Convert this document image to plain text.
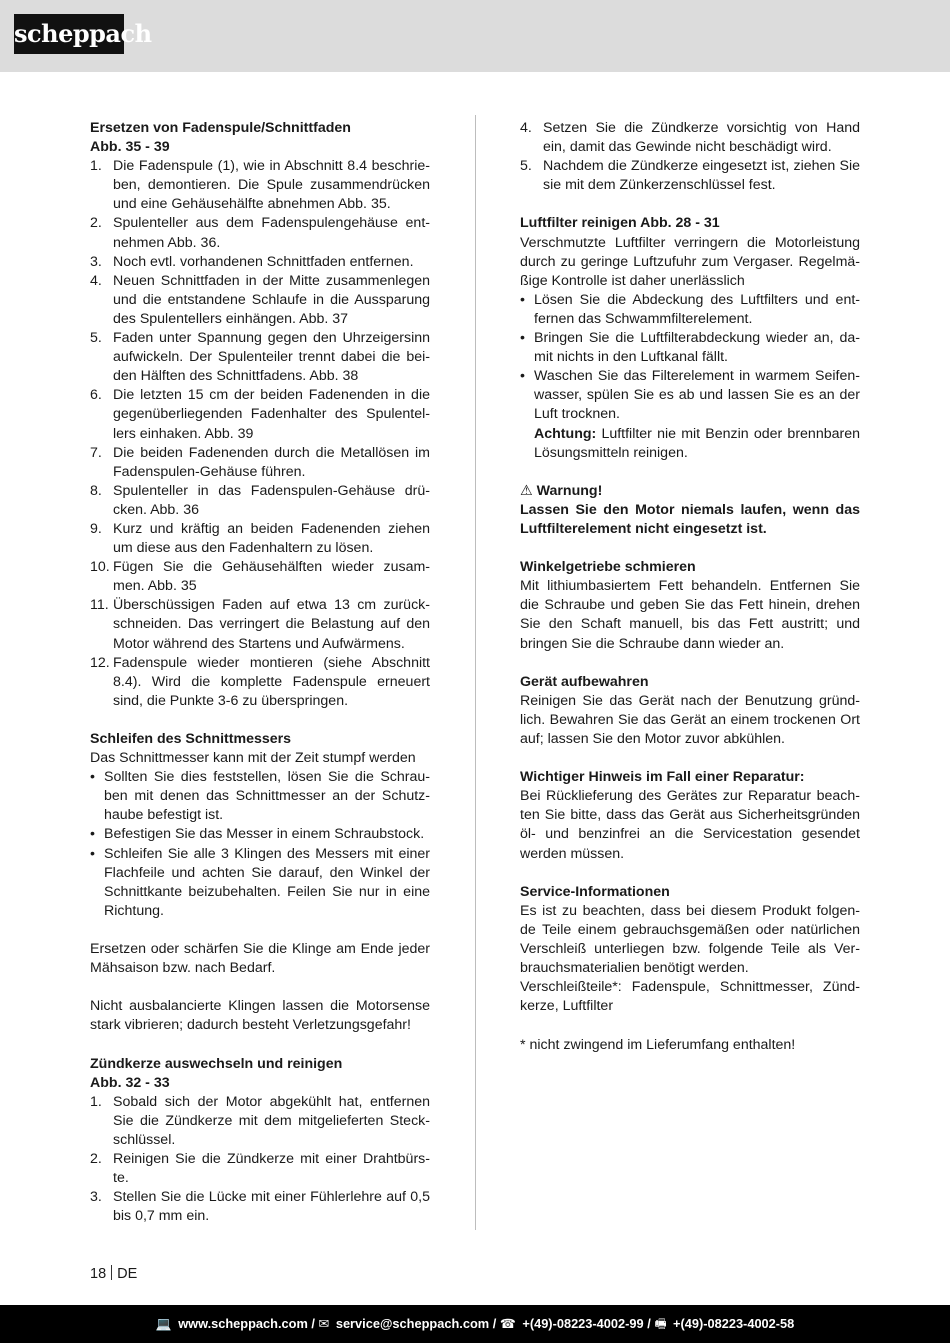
scheppach
Ersetzen von Fadenspule/Schnittfaden
Abb. 35 - 39
1. Die Fadenspule (1), wie in Abschnitt 8.4 beschrie-ben, demontieren. Die Spule zusammendrücken und eine Gehäusehälfte abnehmen Abb. 35.
2. Spulenteller aus dem Fadenspulengehäuse ent-nehmen Abb. 36.
3. Noch evtl. vorhandenen Schnittfaden entfernen.
4. Neuen Schnittfaden in der Mitte zusammenlegen und die entstandene Schlaufe in die Aussparung des Spulentellers einhängen. Abb. 37
5. Faden unter Spannung gegen den Uhrzeigersinn aufwickeln. Der Spulenteiler trennt dabei die bei-den Hälften des Schnittfadens. Abb. 38
6. Die letzten 15 cm der beiden Fadenenden in die gegenüberliegenden Fadenhalter des Spulentel-lers einhaken. Abb. 39
7. Die beiden Fadenenden durch die Metallösen im Fadenspulen-Gehäuse führen.
8. Spulenteller in das Fadenspulen-Gehäuse drü-cken. Abb. 36
9. Kurz und kräftig an beiden Fadenenden ziehen um diese aus den Fadenhaltern zu lösen.
10. Fügen Sie die Gehäusehälften wieder zusam-men. Abb. 35
11. Überschüssigen Faden auf etwa 13 cm zurück-schneiden. Das verringert die Belastung auf den Motor während des Startens und Aufwärmens.
12. Fadenspule wieder montieren (siehe Abschnitt 8.4). Wird die komplette Fadenspule erneuert sind, die Punkte 3-6 zu überspringen.
Schleifen des Schnittmessers
Das Schnittmesser kann mit der Zeit stumpf werden
• Sollten Sie dies feststellen, lösen Sie die Schrau-ben mit denen das Schnittmesser an der Schutz-haube befestigt ist.
• Befestigen Sie das Messer in einem Schraubstock.
• Schleifen Sie alle 3 Klingen des Messers mit einer Flachfeile und achten Sie darauf, den Winkel der Schnittkante beizubehalten. Feilen Sie nur in eine Richtung.
Ersetzen oder schärfen Sie die Klinge am Ende jeder Mähsaison bzw. nach Bedarf.
Nicht ausbalancierte Klingen lassen die Motorsense stark vibrieren; dadurch besteht Verletzungsgefahr!
Zündkerze auswechseln und reinigen
Abb. 32 - 33
1. Sobald sich der Motor abgekühlt hat, entfernen Sie die Zündkerze mit dem mitgelieferten Steck-schlüssel.
2. Reinigen Sie die Zündkerze mit einer Drahtbürs-te.
3. Stellen Sie die Lücke mit einer Fühlerlehre auf 0,5 bis 0,7 mm ein.
4. Setzen Sie die Zündkerze vorsichtig von Hand ein, damit das Gewinde nicht beschädigt wird.
5. Nachdem die Zündkerze eingesetzt ist, ziehen Sie sie mit dem Zünkerzenschlüssel fest.
Luftfilter reinigen Abb. 28 - 31
Verschmutzte Luftfilter verringern die Motorleistung durch zu geringe Luftzufuhr zum Vergaser. Regelmä-ßige Kontrolle ist daher unerlässlich
• Lösen Sie die Abdeckung des Luftfilters und ent-fernen das Schwammfilterelement.
• Bringen Sie die Luftfilterabdeckung wieder an, da-mit nichts in den Luftkanal fällt.
• Waschen Sie das Filterelement in warmem Seifen-wasser, spülen Sie es ab und lassen Sie es an der Luft trocknen.
Achtung: Luftfilter nie mit Benzin oder brennbaren Lösungsmitteln reinigen.
⚠ Warnung!
Lassen Sie den Motor niemals laufen, wenn das Luftfilterelement nicht eingesetzt ist.
Winkelgetriebe schmieren
Mit lithiumbasiertem Fett behandeln. Entfernen Sie die Schraube und geben Sie das Fett hinein, drehen Sie den Schaft manuell, bis das Fett austritt; und bringen Sie die Schraube dann wieder an.
Gerät aufbewahren
Reinigen Sie das Gerät nach der Benutzung gründ-lich. Bewahren Sie das Gerät an einem trockenen Ort auf; lassen Sie den Motor zuvor abkühlen.
Wichtiger Hinweis im Fall einer Reparatur:
Bei Rücklieferung des Gerätes zur Reparatur beach-ten Sie bitte, dass das Gerät aus Sicherheitsgründen öl- und benzinfrei an die Servicestation gesendet werden müssen.
Service-Informationen
Es ist zu beachten, dass bei diesem Produkt folgen-de Teile einem gebrauchsgemäßen oder natürlichen Verschleiß unterliegen bzw. folgende Teile als Ver-brauchsmaterialien benötigt werden.
Verschleißteile*: Fadenspule, Schnittmesser, Zünd-kerze, Luftfilter
* nicht zwingend im Lieferumfang enthalten!
18 DE
💻 www.scheppach.com / ✉ service@scheppach.com / ☎ +(49)-08223-4002-99 / 🖷 +(49)-08223-4002-58
